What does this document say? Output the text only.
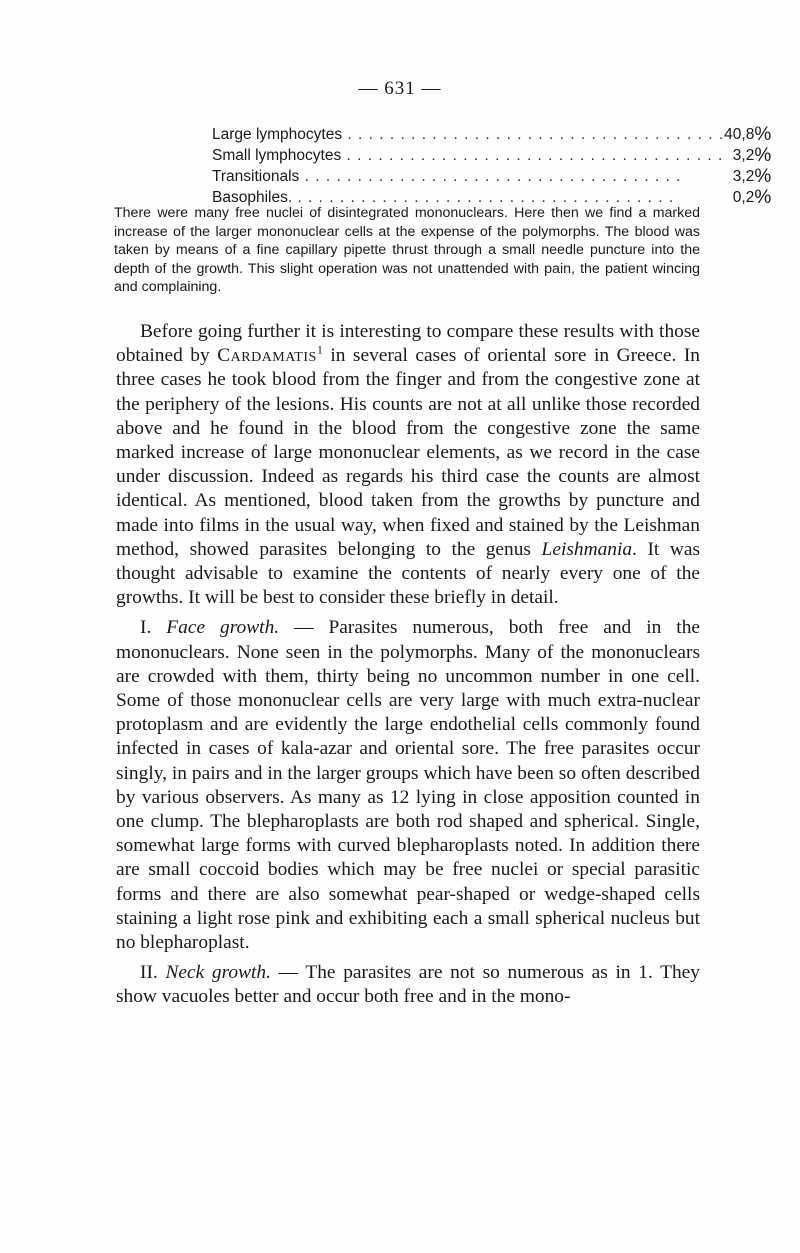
— 631 —
Large lymphocytes . . . . . . . . . . . . . . . . . . . . . . . . . . . . . . . . . . . .	40,8	%
Small lymphocytes . . . . . . . . . . . . . . . . . . . . . . . . . . . . . . . . . . . .	3,2	%
Transitionals . . . . . . . . . . . . . . . . . . . . . . . . . . . . . . . . . . . .	3,2	%
Basophiles. . . . . . . . . . . . . . . . . . . . . . . . . . . . . . . . . . . . .	0,2	%
There were many free nuclei of disintegrated mononuclears. Here then we find a marked increase of the larger mononuclear cells at the expense of the polymorphs. The blood was taken by means of a fine capillary pipette thrust through a small needle puncture into the depth of the growth. This slight operation was not unattended with pain, the patient wincing and complaining.

Before going further it is interesting to compare these results with those obtained by Cardamatis$^1$ in several cases of oriental sore in Greece. In three cases he took blood from the finger and from the congestive zone at the periphery of the lesions. His counts are not at all unlike those recorded above and he found in the blood from the congestive zone the same marked increase of large mononuclear elements, as we record in the case under discussion. Indeed as regards his third case the counts are almost identical. As mentioned, blood taken from the growths by puncture and made into films in the usual way, when fixed and stained by the Leishman method, showed parasites belonging to the genus Leishmania. It was thought advisable to examine the contents of nearly every one of the growths. It will be best to consider these briefly in detail.

I. Face growth. — Parasites numerous, both free and in the mononuclears. None seen in the polymorphs. Many of the mononuclears are crowded with them, thirty being no uncommon number in one cell. Some of those mononuclear cells are very large with much extra-nuclear protoplasm and are evidently the large endothelial cells commonly found infected in cases of kala-azar and oriental sore. The free parasites occur singly, in pairs and in the larger groups which have been so often described by various observers. As many as 12 lying in close apposition counted in one clump. The blepharoplasts are both rod shaped and spherical. Single, somewhat large forms with curved blepharoplasts noted. In addition there are small coccoid bodies which may be free nuclei or special parasitic forms and there are also somewhat pear-shaped or wedge-shaped cells staining a light rose pink and exhibiting each a small spherical nucleus but no blepharoplast.

II. Neck growth. — The parasites are not so numerous as in 1. They show vacuoles better and occur both free and in the mono-
